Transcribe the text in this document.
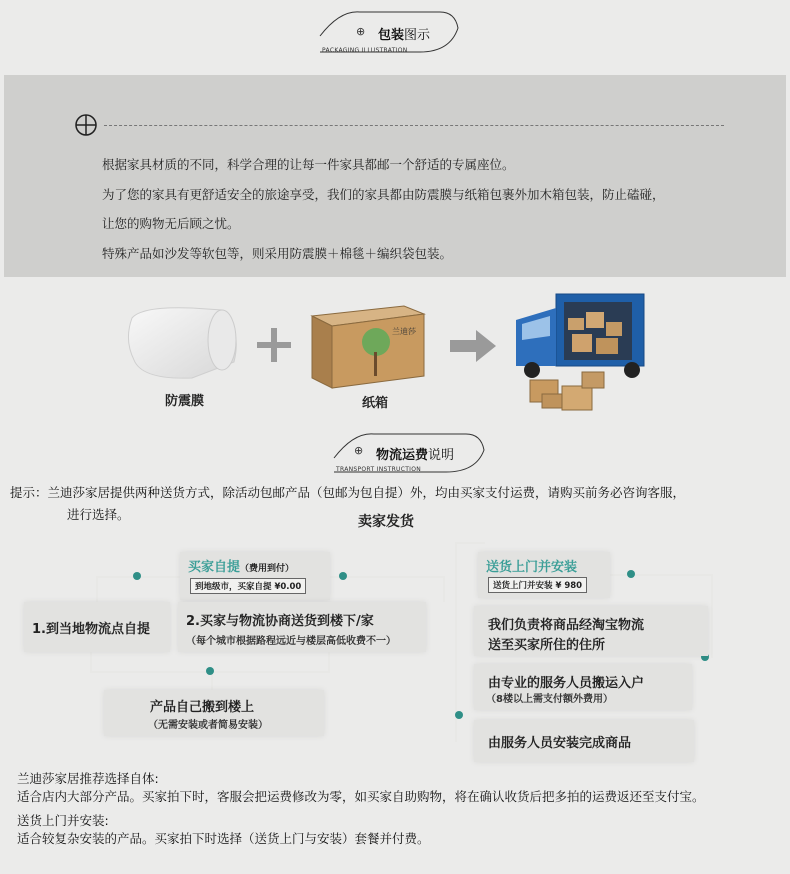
⊕ 包装图示
PACKAGING ILLUSTRATION
根据家具材质的不同，科学合理的让每一件家具都邮一个舒适的专属座位。
为了您的家具有更舒适安全的旅途享受，我们的家具都由防震膜与纸箱包裹外加木箱包装，防止磕碰，
让您的购物无后顾之忧。
特殊产品如沙发等软包等，则采用防震膜＋棉毯＋编织袋包装。
防震膜
兰迪莎
纸箱
⊕ 物流运费说明
TRANSPORT INSTRUCTION
提示：兰迪莎家居提供两种送货方式，除活动包邮产品（包邮为包自提）外，均由买家支付运费，请购买前务必咨询客服，
进行选择。	卖家发货
买家自提（费用到付）
到地级市，买家自提 ¥0.00
送货上门并安装
送货上门并安装 ¥ 980
1.到当地物流点自提
2.买家与物流协商送货到楼下/家
（每个城市根据路程远近与楼层高低收费不一）
产品自己搬到楼上
（无需安装或者简易安装）
我们负责将商品经淘宝物流
送至买家所住的住所
由专业的服务人员搬运入户
（8楼以上需支付额外费用）
由服务人员安装完成商品
兰迪莎家居推荐选择自体:
适合店内大部分产品。买家拍下时，客服会把运费修改为零，如买家自助购物，将在确认收货后把多拍的运费返还至支付宝。
送货上门并安装:
适合较复杂安装的产品。买家拍下时选择（送货上门与安装）套餐并付费。
